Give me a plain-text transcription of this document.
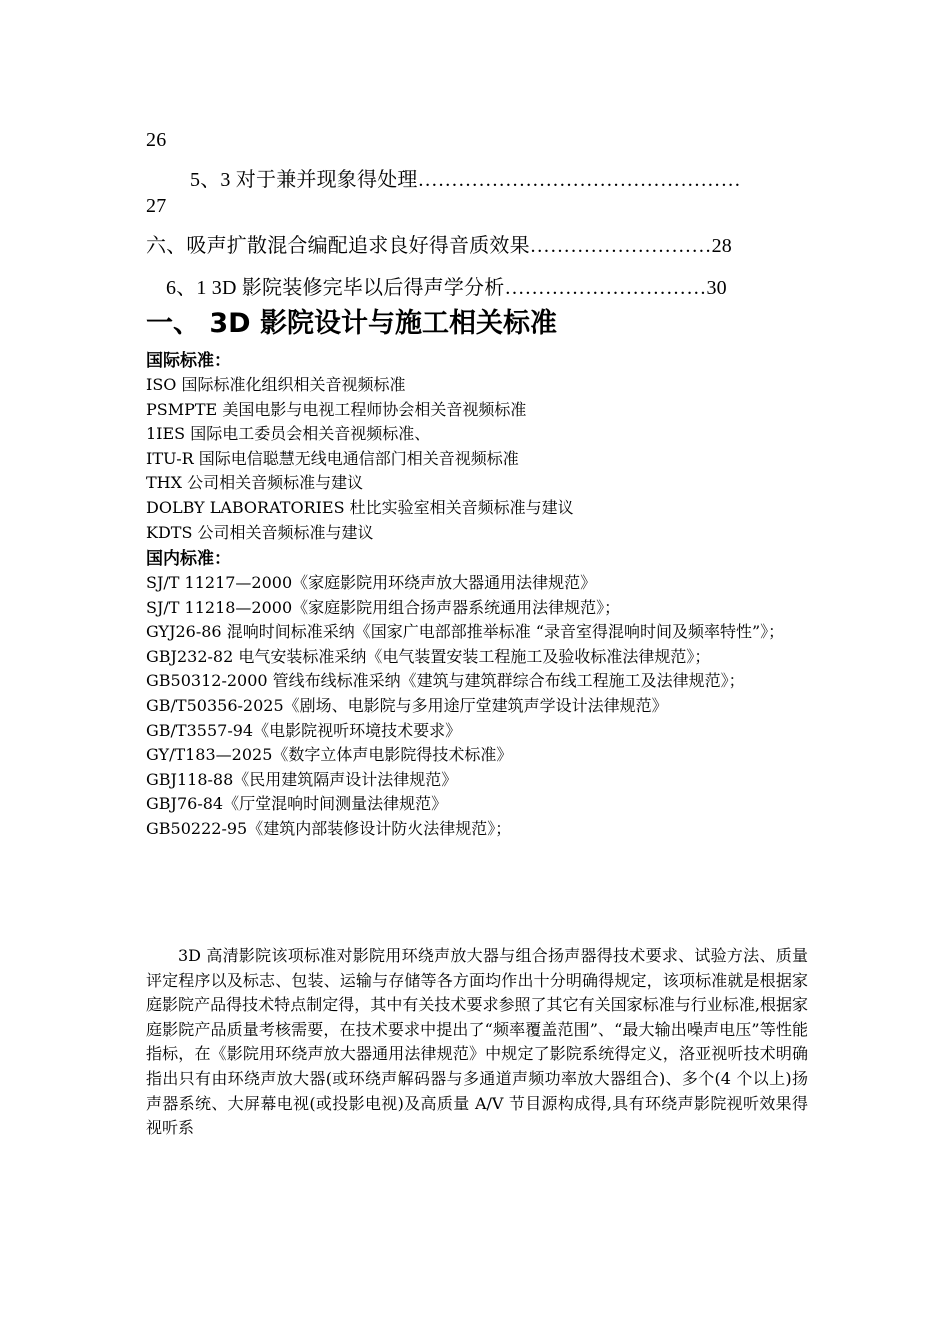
26
5、3 对于兼并现象得处理…………………………………………
27
六、吸声扩散混合编配追求良好得音质效果………………………28
6、1 3D 影院装修完毕以后得声学分析…………………………30
一、 3D 影院设计与施工相关标准
国际标准：
ISO 国际标准化组织相关音视频标准
PSMPTE 美国电影与电视工程师协会相关音视频标准
1IES 国际电工委员会相关音视频标准、
ITU-R 国际电信聪慧无线电通信部门相关音视频标准
THX 公司相关音频标准与建议
DOLBY LABORATORIES 杜比实验室相关音频标准与建议
KDTS 公司相关音频标准与建议
国内标准：
SJ/T 11217—2000《家庭影院用环绕声放大器通用法律规范》
SJ/T 11218—2000《家庭影院用组合扬声器系统通用法律规范》；
GYJ26-86 混响时间标准采纳《国家广电部部推举标准 “录音室得混响时间及频率特性”》；
GBJ232-82 电气安装标准采纳《电气装置安装工程施工及验收标准法律规范》；
GB50312-2000 管线布线标准采纳《建筑与建筑群综合布线工程施工及法律规范》；
GB/T50356-2025《剧场、电影院与多用途厅堂建筑声学设计法律规范》
GB/T3557-94《电影院视听环境技术要求》
GY/T183—2025《数字立体声电影院得技术标准》
GBJ118-88《民用建筑隔声设计法律规范》
GBJ76-84《厅堂混响时间测量法律规范》
GB50222-95《建筑内部装修设计防火法律规范》；
3D 高清影院该项标准对影院用环绕声放大器与组合扬声器得技术要求、试验方法、质量评定程序以及标志、包装、运输与存储等各方面均作出十分明确得规定，该项标准就是根据家庭影院产品得技术特点制定得，其中有关技术要求参照了其它有关国家标准与行业标准,根据家庭影院产品质量考核需要，在技术要求中提出了“频率覆盖范围”、“最大输出噪声电压”等性能指标，在《影院用环绕声放大器通用法律规范》中规定了影院系统得定义，洛亚视听技术明确指出只有由环绕声放大器(或环绕声解码器与多通道声频功率放大器组合)、多个(4 个以上)扬声器系统、大屏幕电视(或投影电视)及高质量 A/V 节目源构成得,具有环绕声影院视听效果得视听系
